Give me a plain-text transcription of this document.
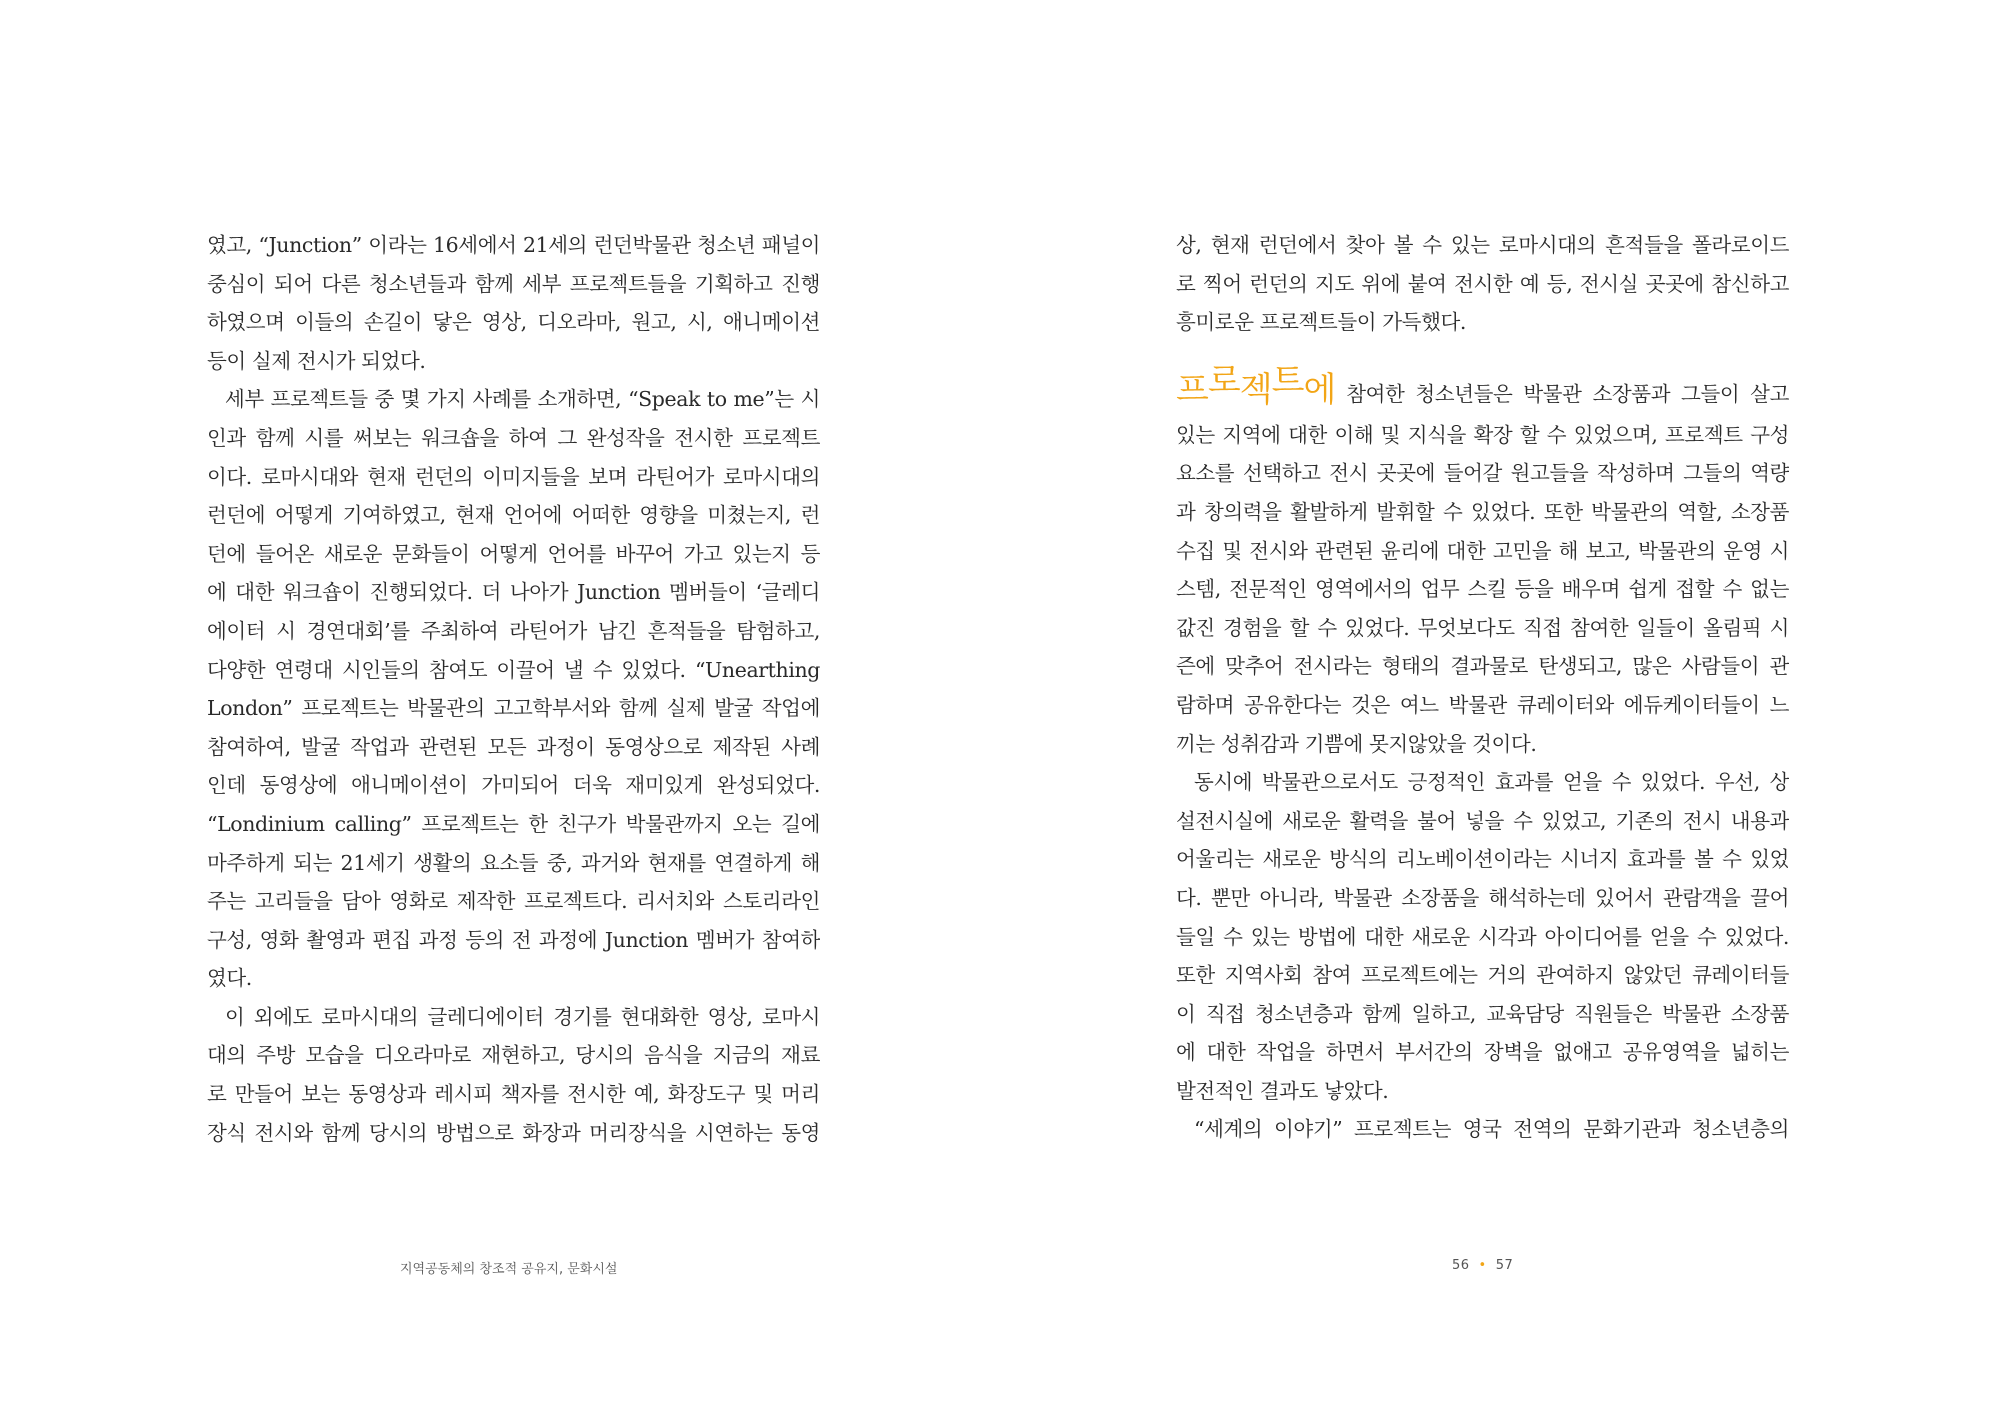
였고, “Junction” 이라는 16세에서 21세의 런던박물관 청소년 패널이
중심이 되어 다른 청소년들과 함께 세부 프로젝트들을 기획하고 진행
하였으며 이들의 손길이 닿은 영상, 디오라마, 원고, 시, 애니메이션
등이 실제 전시가 되었다.
세부 프로젝트들 중 몇 가지 사례를 소개하면, “Speak to me”는 시
인과 함께 시를 써보는 워크숍을 하여 그 완성작을 전시한 프로젝트
이다. 로마시대와 현재 런던의 이미지들을 보며 라틴어가 로마시대의
런던에 어떻게 기여하였고, 현재 언어에 어떠한 영향을 미쳤는지, 런
던에 들어온 새로운 문화들이 어떻게 언어를 바꾸어 가고 있는지 등
에 대한 워크숍이 진행되었다. 더 나아가 Junction 멤버들이 ‘글레디
에이터 시 경연대회’를 주최하여 라틴어가 남긴 흔적들을 탐험하고,
다양한 연령대 시인들의 참여도 이끌어 낼 수 있었다. “Unearthing
London” 프로젝트는 박물관의 고고학부서와 함께 실제 발굴 작업에
참여하여, 발굴 작업과 관련된 모든 과정이 동영상으로 제작된 사례
인데 동영상에 애니메이션이 가미되어 더욱 재미있게 완성되었다.
“Londinium calling” 프로젝트는 한 친구가 박물관까지 오는 길에
마주하게 되는 21세기 생활의 요소들 중, 과거와 현재를 연결하게 해
주는 고리들을 담아 영화로 제작한 프로젝트다. 리서치와 스토리라인
구성, 영화 촬영과 편집 과정 등의 전 과정에 Junction 멤버가 참여하
였다.
이 외에도 로마시대의 글레디에이터 경기를 현대화한 영상, 로마시
대의 주방 모습을 디오라마로 재현하고, 당시의 음식을 지금의 재료
로 만들어 보는 동영상과 레시피 책자를 전시한 예, 화장도구 및 머리
장식 전시와 함께 당시의 방법으로 화장과 머리장식을 시연하는 동영
상, 현재 런던에서 찾아 볼 수 있는 로마시대의 흔적들을 폴라로이드
로 찍어 런던의 지도 위에 붙여 전시한 예 등, 전시실 곳곳에 참신하고
흥미로운 프로젝트들이 가득했다.
프로젝트에 참여한 청소년들은 박물관 소장품과 그들이 살고
있는 지역에 대한 이해 및 지식을 확장 할 수 있었으며, 프로젝트 구성
요소를 선택하고 전시 곳곳에 들어갈 원고들을 작성하며 그들의 역량
과 창의력을 활발하게 발휘할 수 있었다. 또한 박물관의 역할, 소장품
수집 및 전시와 관련된 윤리에 대한 고민을 해 보고, 박물관의 운영 시
스템, 전문적인 영역에서의 업무 스킬 등을 배우며 쉽게 접할 수 없는
값진 경험을 할 수 있었다. 무엇보다도 직접 참여한 일들이 올림픽 시
즌에 맞추어 전시라는 형태의 결과물로 탄생되고, 많은 사람들이 관
람하며 공유한다는 것은 여느 박물관 큐레이터와 에듀케이터들이 느
끼는 성취감과 기쁨에 못지않았을 것이다.
동시에 박물관으로서도 긍정적인 효과를 얻을 수 있었다. 우선, 상
설전시실에 새로운 활력을 불어 넣을 수 있었고, 기존의 전시 내용과
어울리는 새로운 방식의 리노베이션이라는 시너지 효과를 볼 수 있었
다. 뿐만 아니라, 박물관 소장품을 해석하는데 있어서 관람객을 끌어
들일 수 있는 방법에 대한 새로운 시각과 아이디어를 얻을 수 있었다.
또한 지역사회 참여 프로젝트에는 거의 관여하지 않았던 큐레이터들
이 직접 청소년층과 함께 일하고, 교육담당 직원들은 박물관 소장품
에 대한 작업을 하면서 부서간의 장벽을 없애고 공유영역을 넓히는
발전적인 결과도 낳았다.
“세계의 이야기” 프로젝트는 영국 전역의 문화기관과 청소년층의
지역공동체의 창조적 공유지, 문화시설	56 • 57
